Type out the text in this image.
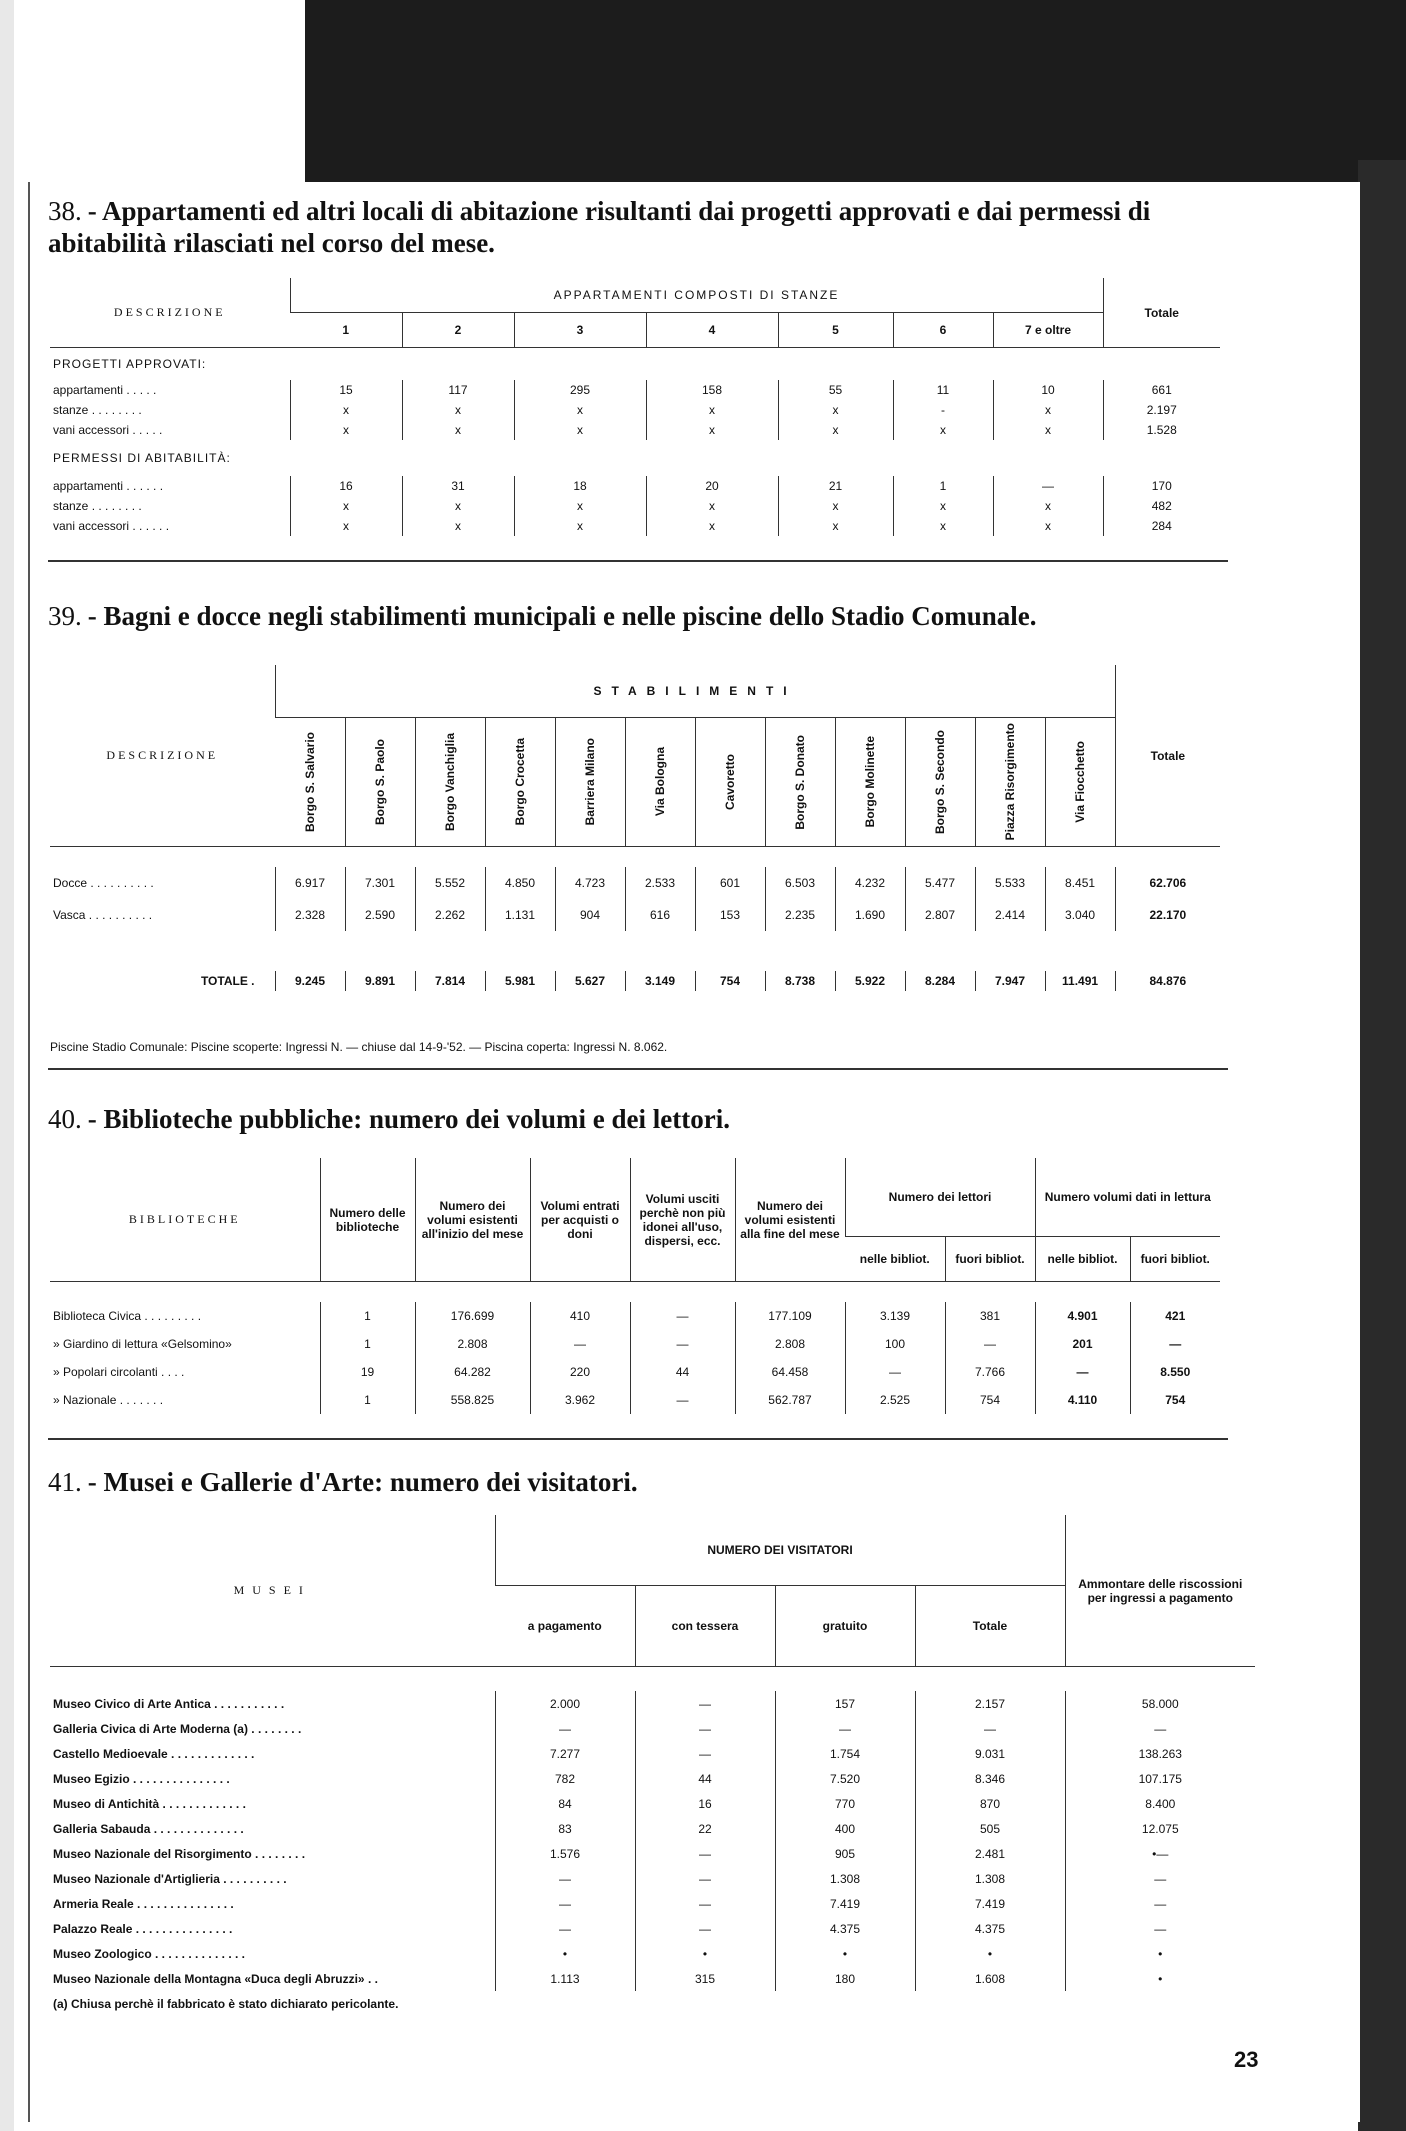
38. - Appartamenti ed altri locali di abitazione risultanti dai progetti approvati e dai permessi di abitabilità rilasciati nel corso del mese.
DESCRIZIONE	APPARTAMENTI COMPOSTI DI STANZE							Totale
	1	2	3	4	5	6	7 e oltre	
PROGETTI APPROVATI:								
appartamenti . . . . .	15	117	295	158	55	11	10	661
stanze . . . . . . . .	x	x	x	x	x	-	x	2.197
vani accessori . . . . .	x	x	x	x	x	x	x	1.528
PERMESSI DI ABITABILITÀ:								
appartamenti . . . . . .	16	31	18	20	21	1	—	170
stanze . . . . . . . .	x	x	x	x	x	x	x	482
vani accessori . . . . . .	x	x	x	x	x	x	x	284
39. - Bagni e docce negli stabilimenti municipali e nelle piscine dello Stadio Comunale.
DESCRIZIONE	STABILIMENTI												Totale

	Borgo S. Salvario	Borgo S. Paolo	Borgo Vanchiglia	Borgo Crocetta	Barriera Milano	Via Bologna	Cavoretto	Borgo S. Donato	Borgo Molinette	Borgo S. Secondo	Piazza Risorgimento	Via Fiocchetto	

Docce . . . . . . . . . .	6.917	7.301	5.552	4.850	4.723	2.533	601	6.503	4.232	5.477	5.533	8.451	62.706
Vasca . . . . . . . . . .	2.328	2.590	2.262	1.131	904	616	153	2.235	1.690	2.807	2.414	3.040	22.170

TOTALE .	9.245	9.891	7.814	5.981	5.627	3.149	754	8.738	5.922	8.284	7.947	11.491	84.876
Piscine Stadio Comunale: Piscine scoperte: Ingressi N. — chiuse dal 14-9-'52. — Piscina coperta: Ingressi N. 8.062.
40. - Biblioteche pubbliche: numero dei volumi e dei lettori.
BIBLIOTECHE	Numero delle biblioteche	Numero dei volumi esistenti all'inizio del mese	Volumi entrati per acquisti o doni	Volumi usciti perchè non più idonei all'uso, dispersi, ecc.	Numero dei volumi esistenti alla fine del mese	Numero dei lettori		Numero volumi dati in lettura	
						nelle bibliot.	fuori bibliot.	nelle bibliot.	fuori bibliot.

Biblioteca Civica . . . . . . . . .	1	176.699	410	—	177.109	3.139	381	4.901	421
» Giardino di lettura «Gelsomino»	1	2.808	—	—	2.808	100	—	201	—
» Popolari circolanti . . . .	19	64.282	220	44	64.458	—	7.766	—	8.550
» Nazionale . . . . . . .	1	558.825	3.962	—	562.787	2.525	754	4.110	754
41. - Musei e Gallerie d'Arte: numero dei visitatori.
MUSEI	NUMERO DEI VISITATORI				Ammontare delle riscossioni per ingressi a pagamento
	a pagamento	con tessera	gratuito	Totale	

Museo Civico di Arte Antica . . . . . . . . . . .	2.000	—	157	2.157	58.000
Galleria Civica di Arte Moderna (a) . . . . . . . .	—	—	—	—	—
Castello Medioevale . . . . . . . . . . . . .	7.277	—	1.754	9.031	138.263
Museo Egizio . . . . . . . . . . . . . . .	782	44	7.520	8.346	107.175
Museo di Antichità . . . . . . . . . . . . .	84	16	770	870	8.400
Galleria Sabauda . . . . . . . . . . . . . .	83	22	400	505	12.075
Museo Nazionale del Risorgimento . . . . . . . .	1.576	—	905	2.481	•—
Museo Nazionale d'Artiglieria . . . . . . . . . .	—	—	1.308	1.308	—
Armeria Reale . . . . . . . . . . . . . . .	—	—	7.419	7.419	—
Palazzo Reale . . . . . . . . . . . . . . .	—	—	4.375	4.375	—
Museo Zoologico . . . . . . . . . . . . . .	•	•	•	•	•
Museo Nazionale della Montagna «Duca degli Abruzzi» . .	1.113	315	180	1.608	•
(a) Chiusa perchè il fabbricato è stato dichiarato pericolante.					
23
